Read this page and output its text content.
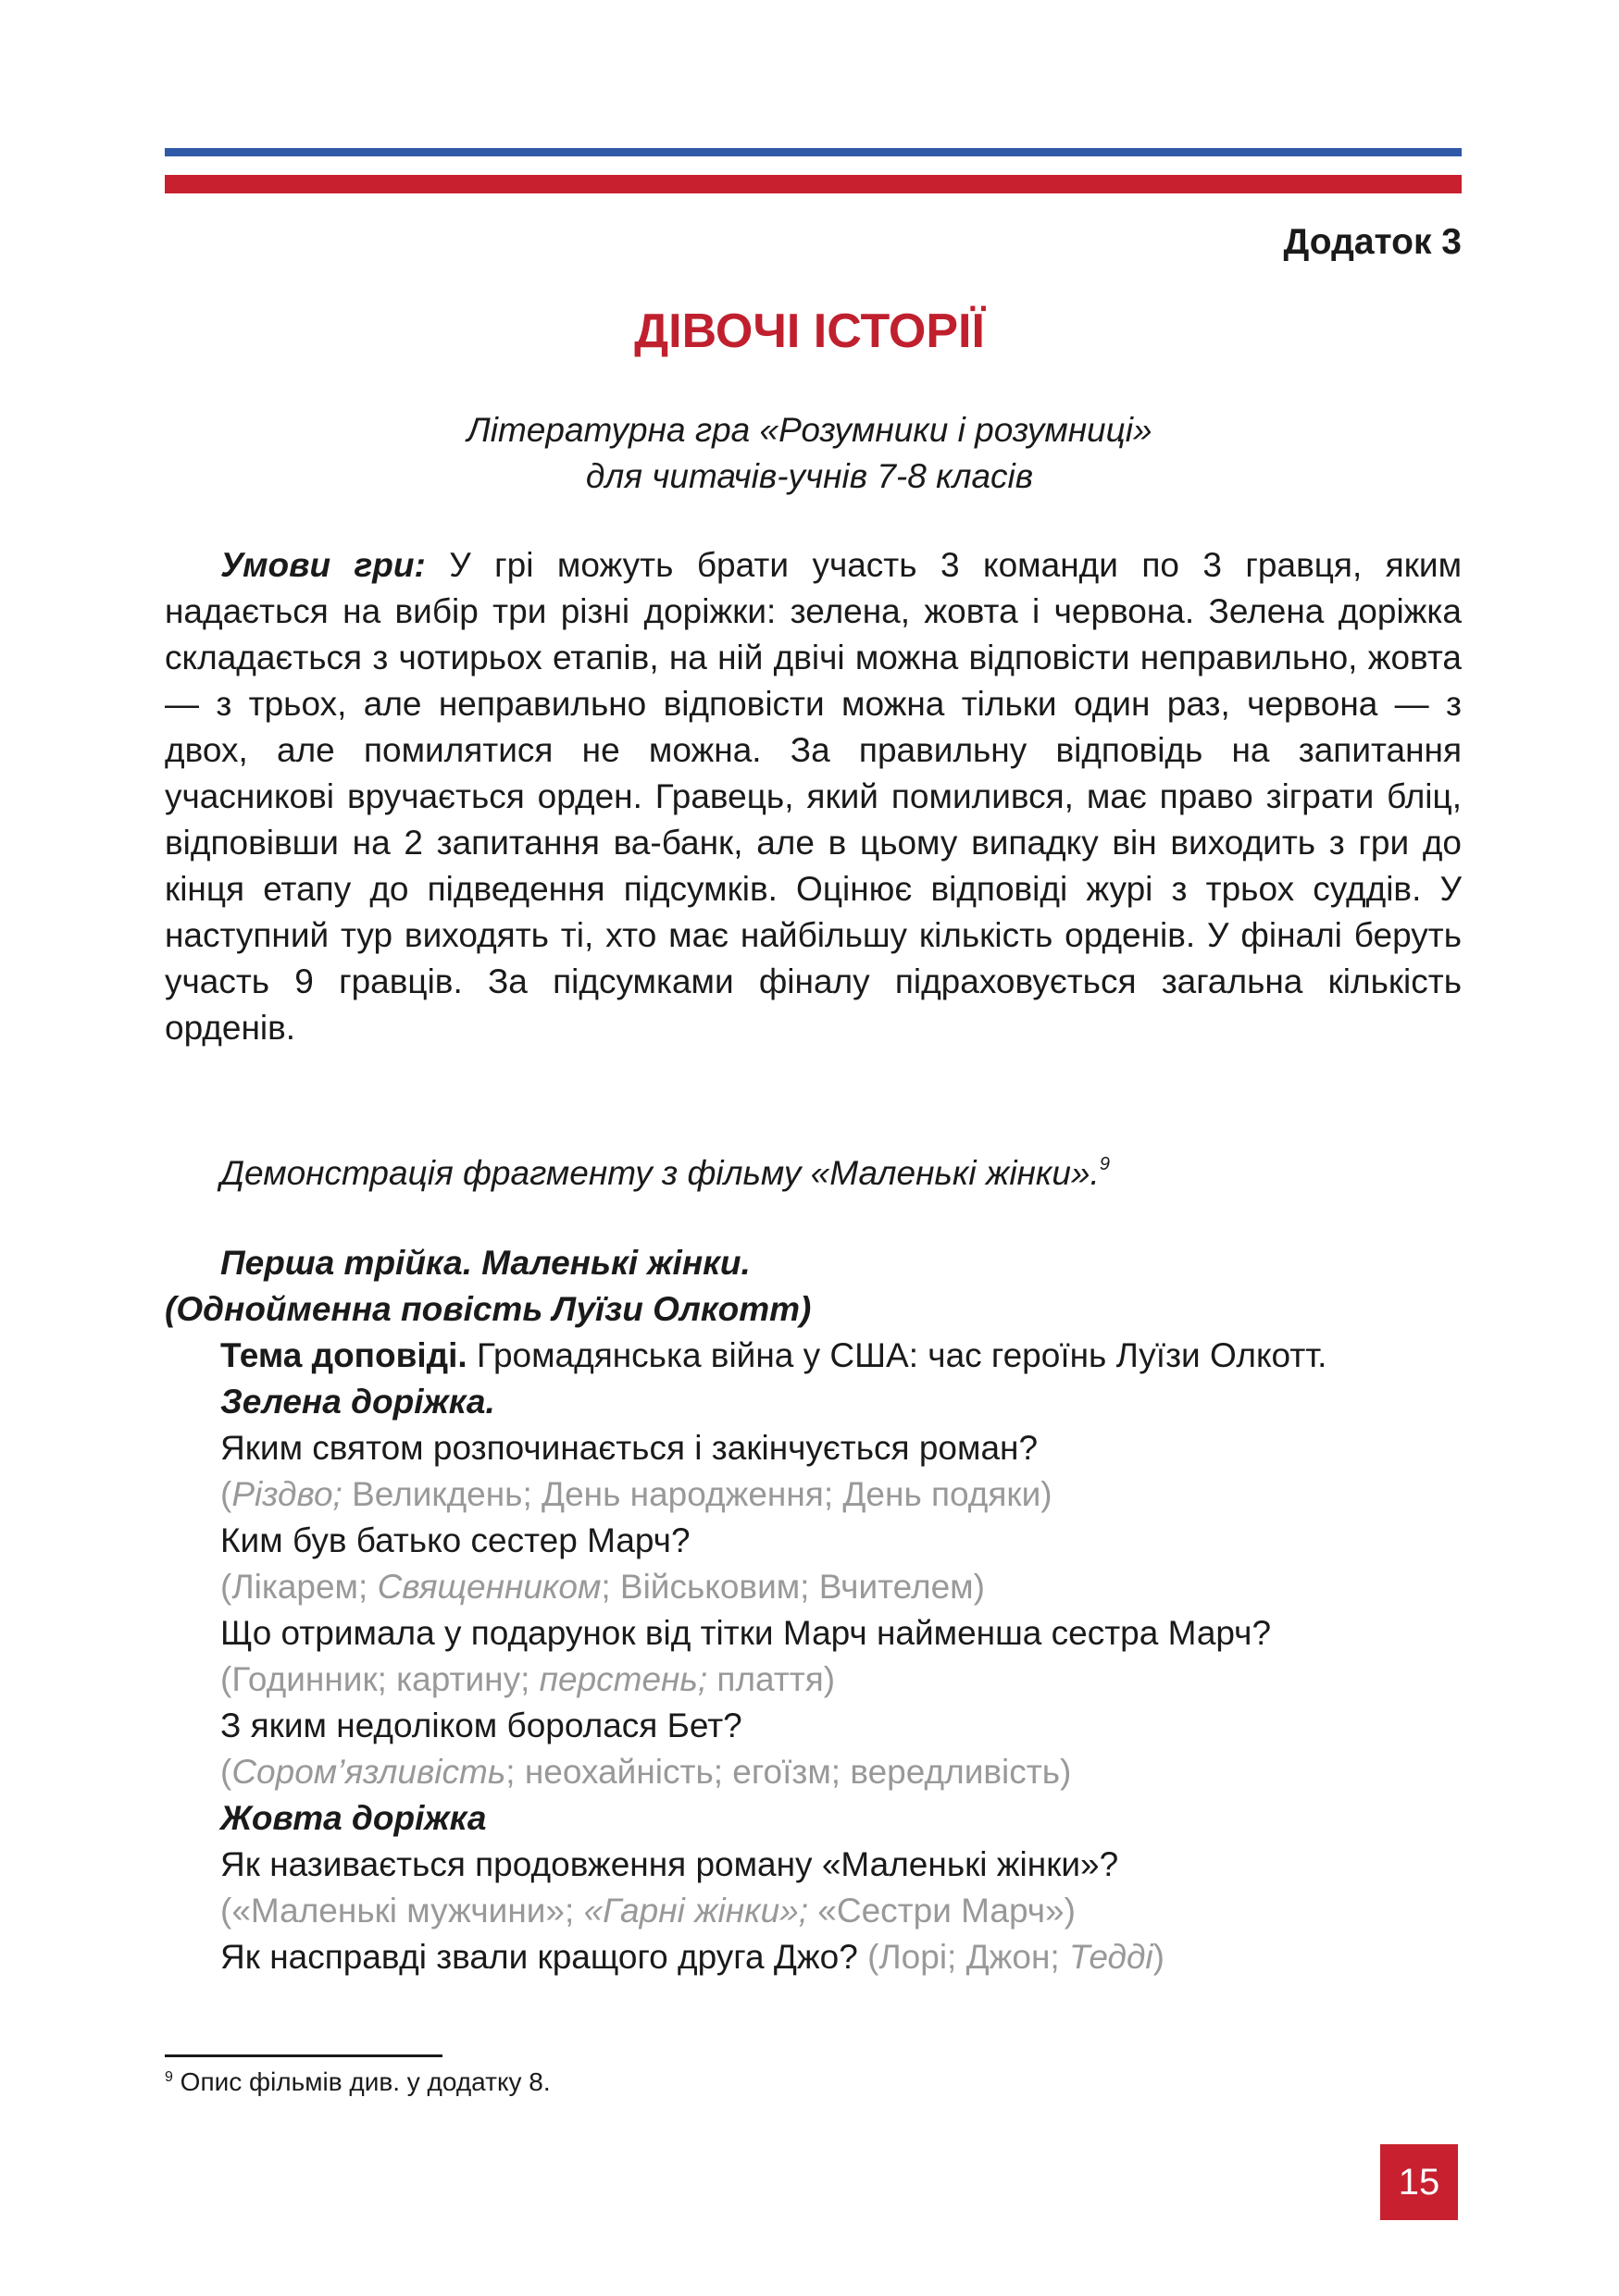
Додаток 3
ДІВОЧІ ІСТОРІЇ
Літературна гра «Розумники і розумниці»
для читачів-учнів 7-8 класів

Умови гри: У грі можуть брати участь 3 команди по 3 гравця, яким надається на вибір три різні доріжки: зелена, жовта і червона. Зелена доріжка складається з чотирьох етапів, на ній двічі можна відповісти неправильно, жовта — з трьох, але неправильно відповісти можна тільки один раз, червона — з двох, але помилятися не можна. За правильну відповідь на запитання учасникові вручається орден. Гравець, який помилився, має право зіграти бліц, відповівши на 2 запитання ва-банк, але в цьому випадку він виходить з гри до кінця етапу до підведення підсумків. Оцінює відповіді журі з трьох суддів. У наступний тур виходять ті, хто має найбільшу кількість орденів. У фіналі беруть участь 9 гравців. За підсумками фіналу підраховується загальна кількість орденів.

Демонстрація фрагменту з фільму «Маленькі жінки».$^9$
Перша трійка. Маленькі жінки.
(Однойменна повість Луїзи Олкотт)
Тема доповіді. Громадянська війна у США: час героїнь Луїзи Олкотт.
Зелена доріжка.
Яким святом розпочинається і закінчується роман?
(Різдво; Великдень; День народження; День подяки)
Ким був батько сестер Марч?
(Лікарем; Священником; Військовим; Вчителем)
Що отримала у подарунок від тітки Марч найменша сестра Марч?
(Годинник; картину; перстень; плаття)
З яким недоліком боролася Бет?
(Сором’язливість; неохайність; егоїзм; вередливість)
Жовта доріжка
Як називається продовження роману «Маленькі жінки»?
(«Маленькі мужчини»; «Гарні жінки»; «Сестри Марч»)
Як насправді звали кращого друга Джо? (Лорі; Джон; Тедді)
$^9$ Опис фільмів див. у додатку 8.
15
